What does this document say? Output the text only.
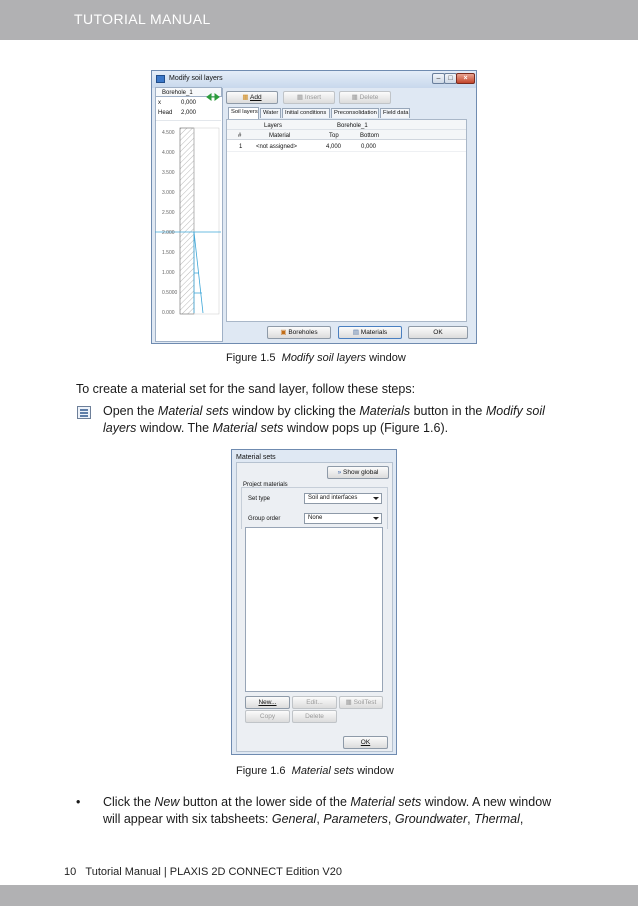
TUTORIAL MANUAL
Modify soil layers	–	□	×
Borehole_1
x	0,000
Head 2,000
4.500
4.000
3.500
3.000
2.500
2.000
1.500
1.000
0.5000
0.000
▦ Add	▦ Insert	▦ Delete
Soil layers Water	Initial conditions	Preconsolidation	Field data
Layers	Borehole_1
#	Material	Top	Bottom
1 <not assigned>	4,000	0,000
▣ Boreholes	▤ Materials	OK
Figure 1.5 Modify soil layers window
To create a material set for the sand layer, follow these steps:
Open the Material sets window by clicking the Materials button in the Modify soil
layers window. The Material sets window pops up (Figure 1.6).
Material sets
» Show global
Project materials
Set type	Soil and interfaces
Group order	None
New...	Edit...	▦ SoilTest
Copy	Delete
OK
Figure 1.6 Material sets window
• Click the New button at the lower side of the Material sets window. A new window
will appear with six tabsheets: General, Parameters, Groundwater, Thermal,
10 Tutorial Manual | PLAXIS 2D CONNECT Edition V20
